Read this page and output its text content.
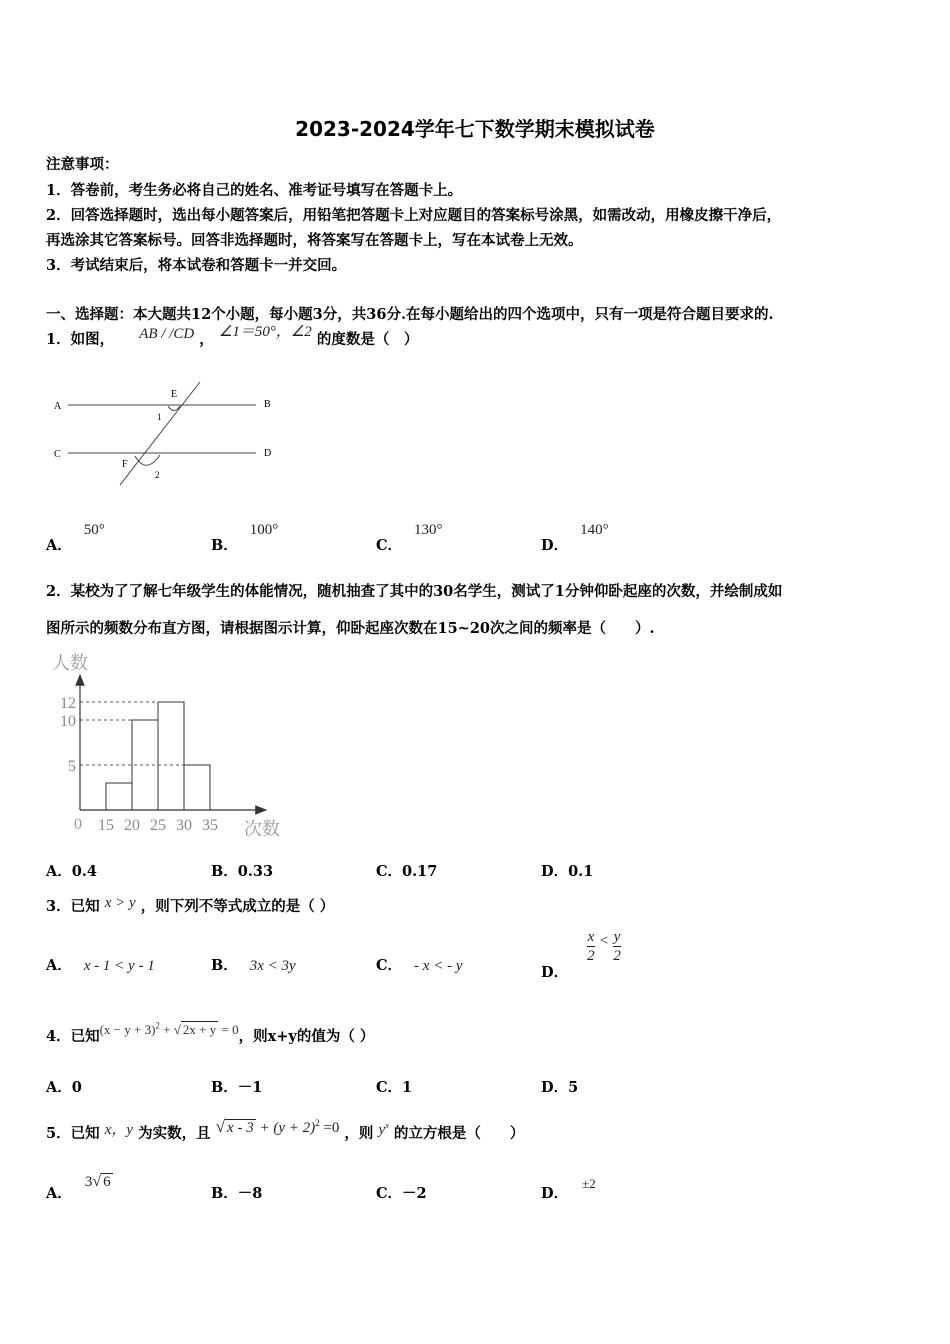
2023-2024学年七下数学期末模拟试卷
注意事项：
1．答卷前，考生务必将自己的姓名、准考证号填写在答题卡上。
2．回答选择题时，选出每小题答案后，用铅笔把答题卡上对应题目的答案标号涂黑，如需改动，用橡皮擦干净后，
再选涂其它答案标号。回答非选择题时，将答案写在答题卡上，写在本试卷上无效。
3．考试结束后，将本试卷和答题卡一并交回。
一、选择题：本大题共12个小题，每小题3分，共36分.在每小题给出的四个选项中，只有一项是符合题目要求的.
1．如图， AB / /CD ， ∠1＝50°，∠2 的度数是（　）
A	B
C	D
E
F
1
2
A．50°
B．100°
C．130°
D．140°
2．某校为了了解七年级学生的体能情况，随机抽查了其中的30名学生，测试了1分钟仰卧起座的次数，并绘制成如
图所示的频数分布直方图，请根据图示计算，仰卧起座次数在15~20次之间的频率是（　　）.
人数
次数
0 15 20 25 30 35
5
10
12
A．0.4	B．0.33	C．0.17	D．0.1
3．已知 x > y ，则下列不等式成立的是（ ）
A． x - 1 < y - 1	B． 3x < 3y	C． - x < - y	D．
$\frac{x}{2} < \frac{y}{2}$
4．已知$^{(x - y + 3)^2 + √ 2x + y = 0}$，则x+y的值为（ ）
A．0	B．－1	C．1	D．5
5．已知 x，y 为实数，且 √ $x - 3 + (y + 2)^2 =0$ ，则 $y^x$ 的立方根是（　　）
A． 3√ 6
B．－8	C．－2	D．±2
